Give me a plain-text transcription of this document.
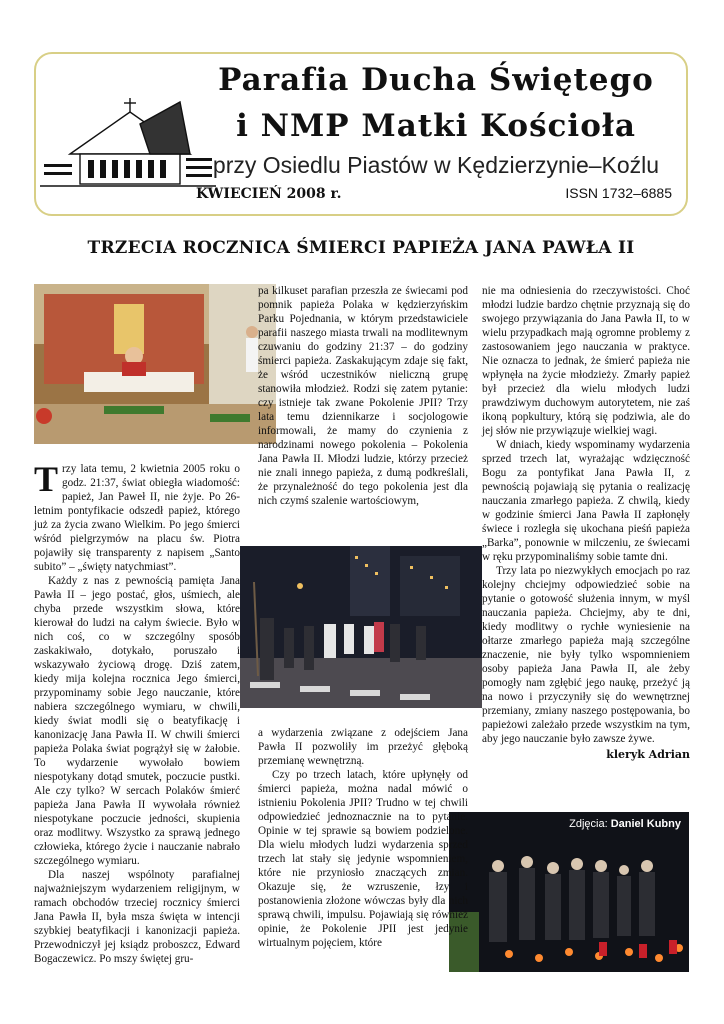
Parafia Ducha Świętego
i NMP Matki Kościoła
przy Osiedlu Piastów w Kędzierzynie–Koźlu
KWIECIEŃ 2008 r.	ISSN 1732–6885
TRZECIA ROCZNICA ŚMIERCI PAPIEŻA JANA PAWŁA II
Zdjęcia: Daniel Kubny

Trzy lata temu, 2 kwietnia 2005 roku o godz. 21:37, świat obiegła wiadomość: papież, Jan Paweł II, nie żyje. Po 26-letnim pontyfikacie odszedł papież, którego już za życia zwano Wielkim. Po jego śmierci wśród pielgrzymów na placu św. Piotra pojawiły się transparenty z napisem „Santo subito” – „święty natychmiast”.

Każdy z nas z pewnością pamięta Jana Pawła II – jego postać, głos, uśmiech, ale chyba przede wszystkim słowa, które kierował do ludzi na całym świecie. Było w nich coś, co w szczególny sposób zaskakiwało, dotykało, poruszało i wskazywało życiową drogę. Dziś zatem, kiedy mija kolejna rocznica Jego śmierci, przypominamy sobie Jego nauczanie, które nabiera szczególnego wymiaru, w chwili, kiedy świat modli się o beatyfikację i kanonizację Jana Pawła II. W chwili śmierci papieża Polaka świat pogrążył się w żałobie. To wydarzenie wywołało bowiem niespotykany dotąd smutek, poczucie pustki. Ale czy tylko? W sercach Polaków śmierć papieża Jana Pawła II wywołała również niespotykane poczucie jedności, skupienia oraz modlitwy. Wszystko za sprawą jednego człowieka, którego życie i nauczanie nabrało szczególnego wymiaru.

Dla naszej wspólnoty parafialnej najważniejszym wydarzeniem religijnym, w ramach obchodów trzeciej rocznicy śmierci Jana Pawła II, była msza święta w intencji szybkiej beatyfikacji i kanonizacji papieża. Przewodniczył jej ksiądz proboszcz, Edward Bogaczewicz. Po mszy świętej gru-

pa kilkuset parafian przeszła ze świecami pod pomnik papieża Polaka w kędzierzyńskim Parku Pojednania, w którym przedstawiciele parafii naszego miasta trwali na modlitewnym czuwaniu do godziny 21:37 – do godziny śmierci papieża. Zaskakującym zdaje się fakt, że wśród uczestników nieliczną grupę stanowiła młodzież. Rodzi się zatem pytanie: czy istnieje tak zwane Pokolenie JPII? Trzy lata temu dziennikarze i socjologowie informowali, że mamy do czynienia z narodzinami nowego pokolenia – Pokolenia Jana Pawła II. Młodzi ludzie, którzy przecież nie znali innego papieża, z dumą podkreślali, że przynależność do tego pokolenia jest dla nich czymś szalenie wartościowym,

a wydarzenia związane z odejściem Jana Pawła II pozwoliły im przeżyć głęboką przemianę wewnętrzną.

Czy po trzech latach, które upłynęły od śmierci papieża, można nadal mówić o istnieniu Pokolenia JPII? Trudno w tej chwili odpowiedzieć jednoznacznie na to pytanie. Opinie w tej sprawie są bowiem podzielone. Dla wielu młodych ludzi wydarzenia sprzed trzech lat stały się jedynie wspomnieniem, które nie przyniosło znaczących zmian. Okazuje się, że wzruszenie, łzy i postanowienia złożone wówczas były dla nich sprawą chwili, impulsu. Pojawiają się również opinie, że Pokolenie JPII jest jedynie wirtualnym pojęciem, które

nie ma odniesienia do rzeczywistości. Choć młodzi ludzie bardzo chętnie przyznają się do swojego przywiązania do Jana Pawła II, to w wielu przypadkach mają ogromne problemy z zastosowaniem jego nauczania w praktyce. Nie oznacza to jednak, że śmierć papieża nie wpłynęła na życie młodzieży. Zmarły papież był przecież dla wielu młodych ludzi prawdziwym duchowym autorytetem, nie zaś ikoną popkultury, którą się podziwia, ale do jej słów nie przywiązuje wielkiej wagi.

W dniach, kiedy wspominamy wydarzenia sprzed trzech lat, wyrażając wdzięczność Bogu za pontyfikat Jana Pawła II, z pewnością pojawiają się pytania o realizację nauczania zmarłego papieża. Z chwilą, kiedy w godzinie śmierci Jana Pawła II zapłonęły świece i rozległa się ukochana pieśń papieża „Barka”, ponownie w milczeniu, ze świecami w ręku przypominaliśmy sobie tamte dni.

Trzy lata po niezwykłych emocjach po raz kolejny chciejmy odpowiedzieć sobie na pytanie o gotowość służenia innym, w myśl nauczania papieża. Chciejmy, aby te dni, kiedy modlitwy o rychłe wyniesienie na ołtarze zmarłego papieża mają szczególne znaczenie, nie były tylko wspomnieniem osoby papieża Jana Pawła II, ale żeby pomogły nam zgłębić jego naukę, przeżyć ją na nowo i przyczyniły się do wewnętrznej przemiany, zmiany naszego postępowania, bo papieżowi zależało przede wszystkim na tym, aby jego nauczanie było zawsze żywe.

kleryk Adrian
